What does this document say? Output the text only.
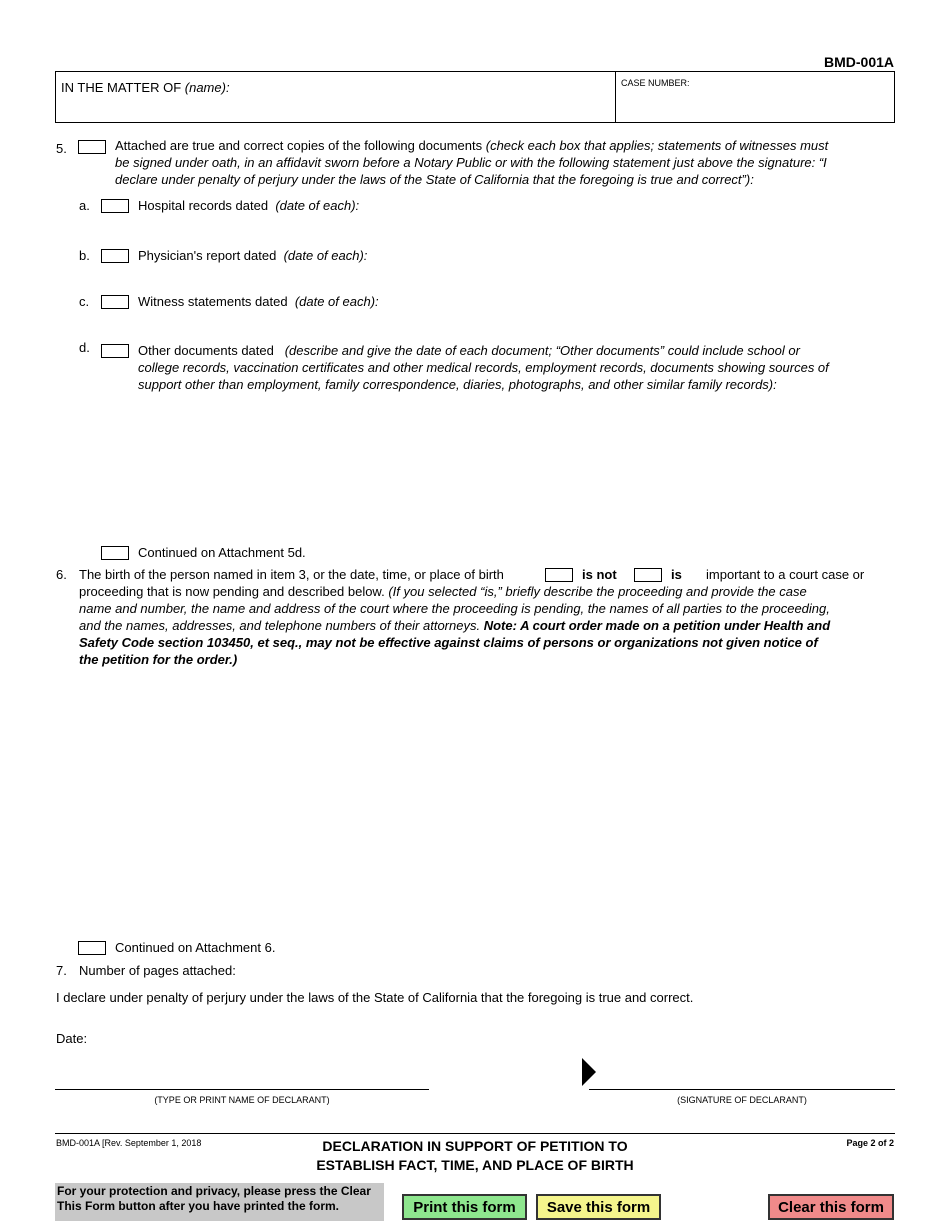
BMD-001A
IN THE MATTER OF (name):	CASE NUMBER:
5.	Attached are true and correct copies of the following documents (check each box that applies; statements of witnesses must
be signed under oath, in an affidavit sworn before a Notary Public or with the following statement just above the signature: “I
declare under penalty of perjury under the laws of the State of California that the foregoing is true and correct”):
a.	Hospital records dated (date of each):
b.	Physician's report dated (date of each):
c.	Witness statements dated (date of each):
d.	Other documents dated (describe and give the date of each document; “Other documents” could include school or
college records, vaccination certificates and other medical records, employment records, documents showing sources of
support other than employment, family correspondence, diaries, photographs, and other similar family records):
Continued on Attachment 5d.
6. The birth of the person named in item 3, or the date, time, or place of birth	is not	is important to a court case or
proceeding that is now pending and described below. (If you selected “is,” briefly describe the proceeding and provide the case
name and number, the name and address of the court where the proceeding is pending, the names of all parties to the proceeding,
and the names, addresses, and telephone numbers of their attorneys. Note: A court order made on a petition under Health and
Safety Code section 103450, et seq., may not be effective against claims of persons or organizations not given notice of
the petition for the order.)
Continued on Attachment 6.
7. Number of pages attached:
I declare under penalty of perjury under the laws of the State of California that the foregoing is true and correct.
Date:
(TYPE OR PRINT NAME OF DECLARANT)	(SIGNATURE OF DECLARANT)
BMD-001A [Rev. September 1, 2018	DECLARATION IN SUPPORT OF PETITION TO
ESTABLISH FACT, TIME, AND PLACE OF BIRTH
Page 2 of 2
For your protection and privacy, please press the Clear
This Form button after you have printed the form.	Print this form	Save this form	Clear this form
